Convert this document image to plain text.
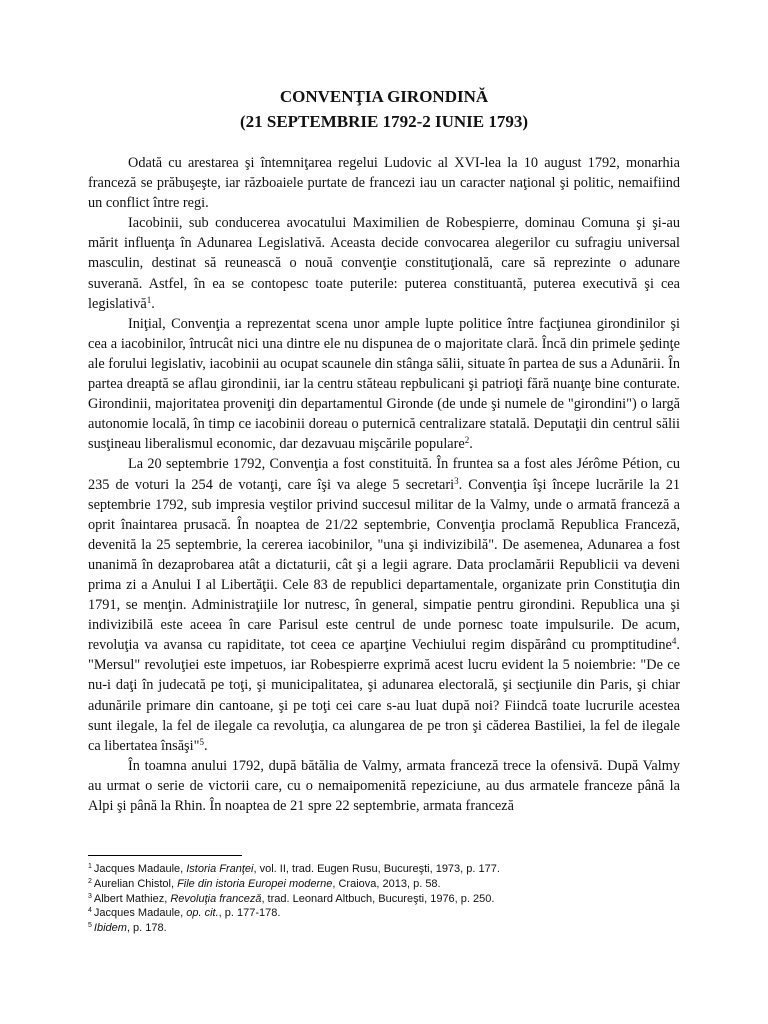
CONVENŢIA GIRONDINĂ
(21 SEPTEMBRIE 1792-2 IUNIE 1793)

Odată cu arestarea şi întemniţarea regelui Ludovic al XVI-lea la 10 august 1792, monarhia franceză se prăbuşeşte, iar războaiele purtate de francezi iau un caracter naţional şi politic, nemaifiind un conflict între regi.

Iacobinii, sub conducerea avocatului Maximilien de Robespierre, dominau Comuna şi şi-au mărit influenţa în Adunarea Legislativă. Aceasta decide convocarea alegerilor cu sufragiu universal masculin, destinat să reunească o nouă convenţie constituţională, care să reprezinte o adunare suverană. Astfel, în ea se contopesc toate puterile: puterea constituantă, puterea executivă şi cea legislativă$^1$.

Iniţial, Convenţia a reprezentat scena unor ample lupte politice între facţiunea girondinilor şi cea a iacobinilor, întrucât nici una dintre ele nu dispunea de o majoritate clară. Încă din primele şedinţe ale forului legislativ, iacobinii au ocupat scaunele din stânga sălii, situate în partea de sus a Adunării. În partea dreaptă se aflau girondinii, iar la centru stăteau repbulicani şi patrioţi fără nuanţe bine conturate. Girondinii, majoritatea proveniţi din departamentul Gironde (de unde şi numele de "girondini") o largă autonomie locală, în timp ce iacobinii doreau o puternică centralizare statală. Deputaţii din centrul sălii susţineau liberalismul economic, dar dezavuau mişcările populare$^2$.

La 20 septembrie 1792, Convenţia a fost constituită. În fruntea sa a fost ales Jérôme Pétion, cu 235 de voturi la 254 de votanţi, care îşi va alege 5 secretari$^3$. Convenţia îşi începe lucrările la 21 septembrie 1792, sub impresia veştilor privind succesul militar de la Valmy, unde o armată franceză a oprit înaintarea prusacă. În noaptea de 21/22 septembrie, Convenţia proclamă Republica Franceză, devenită la 25 septembrie, la cererea iacobinilor, "una şi indivizibilă". De asemenea, Adunarea a fost unanimă în dezaprobarea atât a dictaturii, cât şi a legii agrare. Data proclamării Republicii va deveni prima zi a Anului I al Libertăţii. Cele 83 de republici departamentale, organizate prin Constituţia din 1791, se menţin. Administraţiile lor nutresc, în general, simpatie pentru girondini. Republica una şi indivizibilă este aceea în care Parisul este centrul de unde pornesc toate impulsurile. De acum, revoluţia va avansa cu rapiditate, tot ceea ce aparţine Vechiului regim dispărând cu promptitudine$^4$. "Mersul" revoluţiei este impetuos, iar Robespierre exprimă acest lucru evident la 5 noiembrie: "De ce nu-i daţi în judecată pe toţi, şi municipalitatea, şi adunarea electorală, şi secţiunile din Paris, şi chiar adunările primare din cantoane, şi pe toţi cei care s-au luat după noi? Fiindcă toate lucrurile acestea sunt ilegale, la fel de ilegale ca revoluţia, ca alungarea de pe tron şi căderea Bastiliei, la fel de ilegale ca libertatea însăşi"$^5$.

În toamna anului 1792, după bătălia de Valmy, armata franceză trece la ofensivă. După Valmy au urmat o serie de victorii care, cu o nemaipomenită repeziciune, au dus armatele franceze până la Alpi şi până la Rhin. În noaptea de 21 spre 22 septembrie, armata franceză

$^1$ Jacques Madaule, Istoria Franţei, vol. II, trad. Eugen Rusu, Bucureşti, 1973, p. 177.
$^2$ Aurelian Chistol, File din istoria Europei moderne, Craiova, 2013, p. 58.
$^3$ Albert Mathiez, Revoluţia franceză, trad. Leonard Altbuch, Bucureşti, 1976, p. 250.
$^4$ Jacques Madaule, op. cit., p. 177-178.
$^5$ Ibidem, p. 178.
